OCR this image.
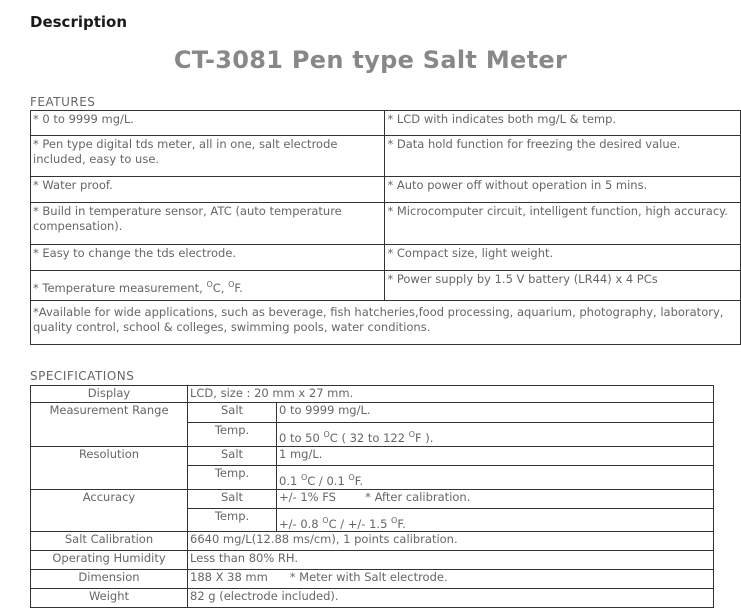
Description
CT-3081 Pen type Salt Meter
FEATURES
* 0 to 9999 mg/L.	* LCD with indicates both mg/L & temp.
* Pen type digital tds meter, all in one, salt electrode included, easy to use.	* Data hold function for freezing the desired value.
* Water proof.	* Auto power off without operation in 5 mins.
* Build in temperature sensor, ATC (auto temperature compensation).	* Microcomputer circuit, intelligent function, high accuracy.
* Easy to change the tds electrode.	* Compact size, light weight.
* Temperature measurement, $^O$C, $^O$F.	* Power supply by 1.5 V battery (LR44) x 4 PCs
*Available for wide applications, such as beverage, fish hatcheries,food processing, aquarium, photography, laboratory, quality control, school & colleges, swimming pools, water conditions.	
SPECIFICATIONS
Display	LCD, size : 20 mm x 27 mm.	
Measurement Range	Salt	0 to 9999 mg/L.
	Temp.	0 to 50 $^O$C ( 32 to 122 $^O$F ).
Resolution	Salt	1 mg/L.
	Temp.	0.1 $^O$C / 0.1 $^O$F.
Accuracy	Salt	+/- 1% FS        * After calibration.
	Temp.	+/- 0.8 $^O$C / +/- 1.5 $^O$F.
Salt Calibration	6640 mg/L(12.88 ms/cm), 1 points calibration.	
Operating Humidity	Less than 80% RH.	
Dimension	188 X 38 mm      * Meter with Salt electrode.	
Weight	82 g (electrode included).	
